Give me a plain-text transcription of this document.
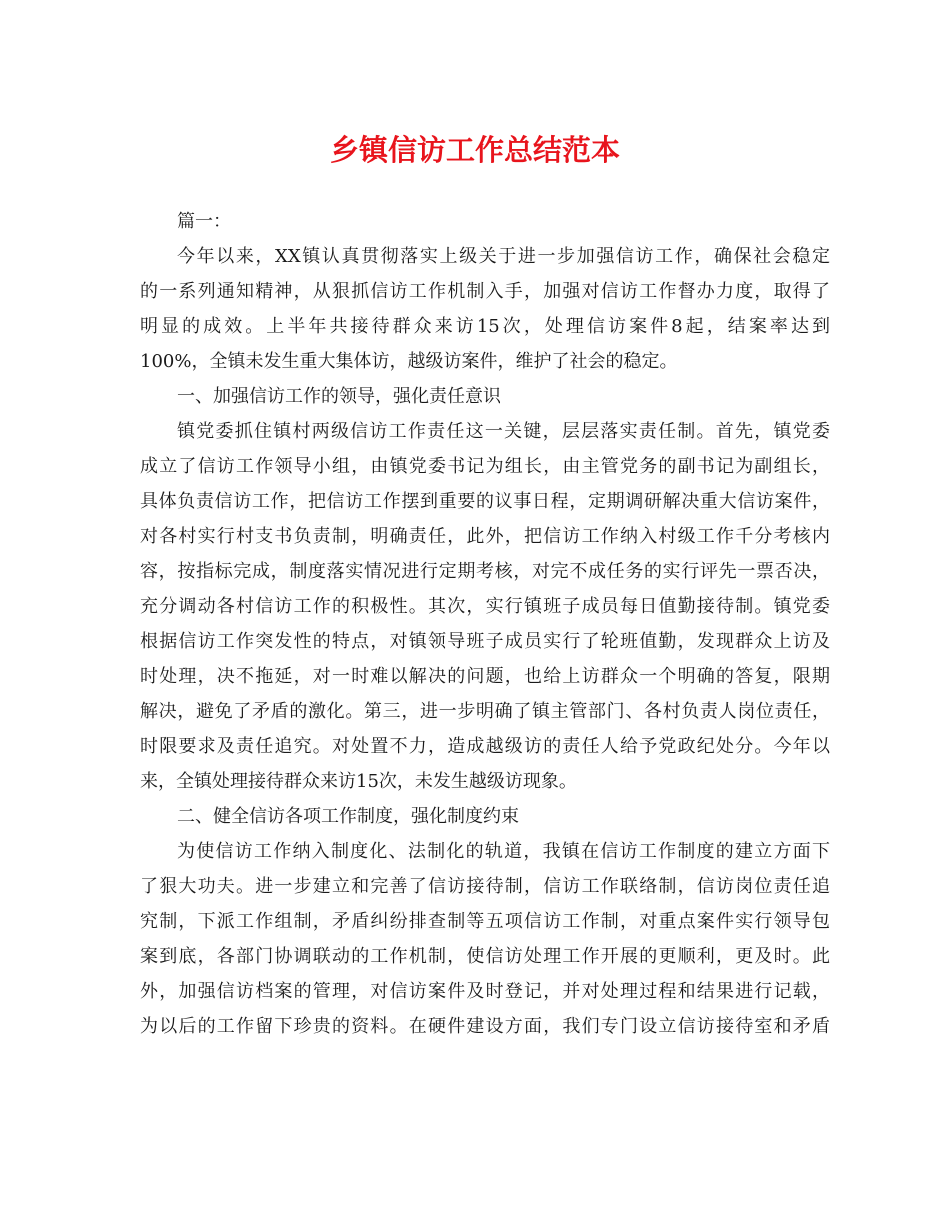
乡镇信访工作总结范本

篇一：

今年以来，XX镇认真贯彻落实上级关于进一步加强信访工作，确保社会稳定

的一系列通知精神，从狠抓信访工作机制入手，加强对信访工作督办力度，取得了

明显的成效。上半年共接待群众来访15次，处理信访案件8起，结案率达到

100%，全镇未发生重大集体访，越级访案件，维护了社会的稳定。

一、加强信访工作的领导，强化责任意识

镇党委抓住镇村两级信访工作责任这一关键，层层落实责任制。首先，镇党委

成立了信访工作领导小组，由镇党委书记为组长，由主管党务的副书记为副组长，

具体负责信访工作，把信访工作摆到重要的议事日程，定期调研解决重大信访案件，

对各村实行村支书负责制，明确责任，此外，把信访工作纳入村级工作千分考核内

容，按指标完成，制度落实情况进行定期考核，对完不成任务的实行评先一票否决，

充分调动各村信访工作的积极性。其次，实行镇班子成员每日值勤接待制。镇党委

根据信访工作突发性的特点，对镇领导班子成员实行了轮班值勤，发现群众上访及

时处理，决不拖延，对一时难以解决的问题，也给上访群众一个明确的答复，限期

解决，避免了矛盾的激化。第三，进一步明确了镇主管部门、各村负责人岗位责任，

时限要求及责任追究。对处置不力，造成越级访的责任人给予党政纪处分。今年以

来，全镇处理接待群众来访15次，未发生越级访现象。

二、健全信访各项工作制度，强化制度约束

为使信访工作纳入制度化、法制化的轨道，我镇在信访工作制度的建立方面下

了狠大功夫。进一步建立和完善了信访接待制，信访工作联络制，信访岗位责任追

究制，下派工作组制，矛盾纠纷排查制等五项信访工作制，对重点案件实行领导包

案到底，各部门协调联动的工作机制，使信访处理工作开展的更顺利，更及时。此

外，加强信访档案的管理，对信访案件及时登记，并对处理过程和结果进行记载，

为以后的工作留下珍贵的资料。在硬件建设方面，我们专门设立信访接待室和矛盾
